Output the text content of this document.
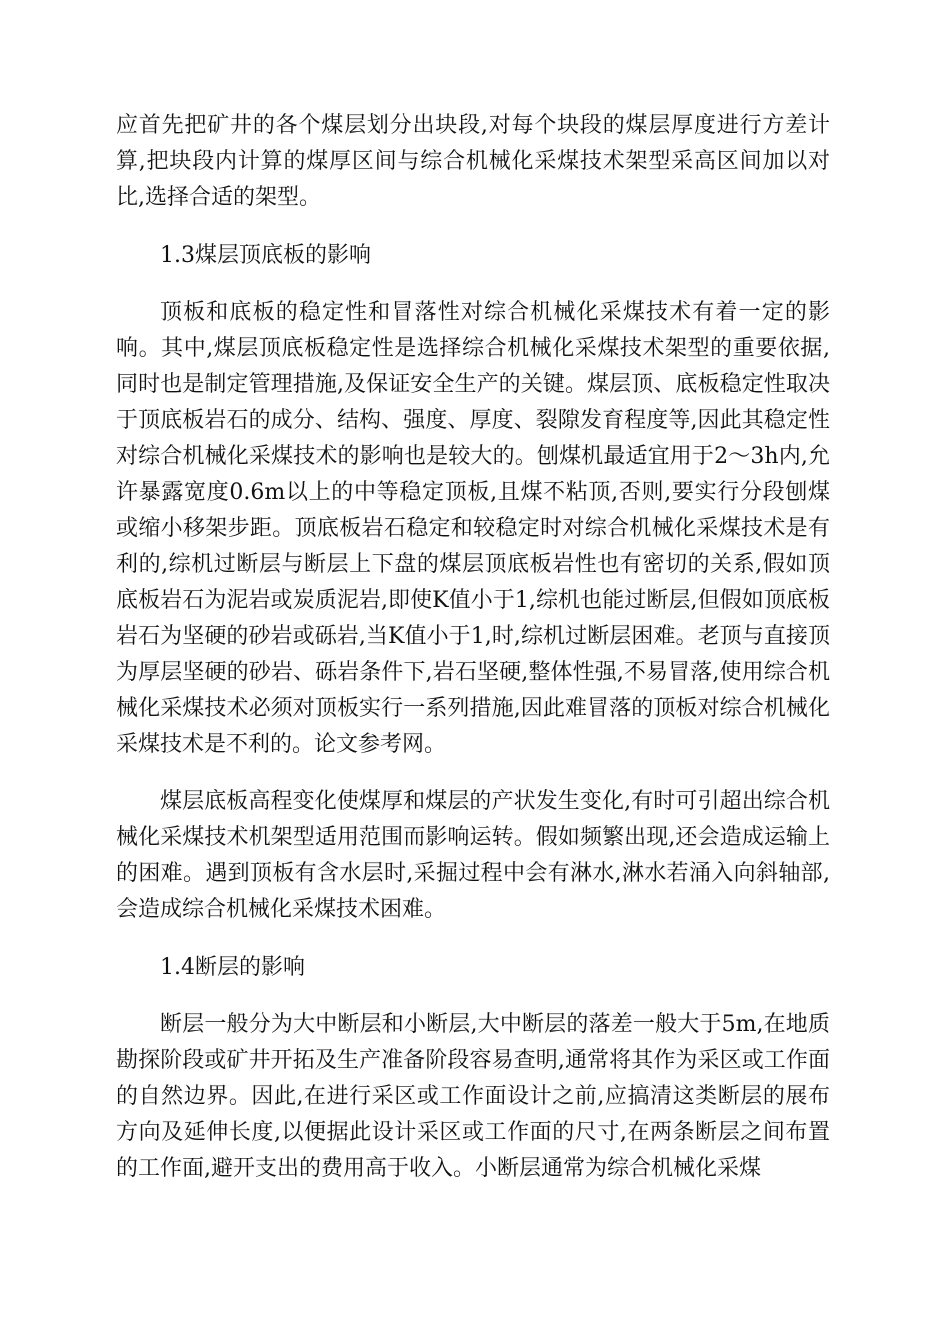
应首先把矿井的各个煤层划分出块段,对每个块段的煤层厚度进行方差计算,把块段内计算的煤厚区间与综合机械化采煤技术架型采高区间加以对比,选择合适的架型。

1.3煤层顶底板的影响

顶板和底板的稳定性和冒落性对综合机械化采煤技术有着一定的影响。其中,煤层顶底板稳定性是选择综合机械化采煤技术架型的重要依据,同时也是制定管理措施,及保证安全生产的关键。煤层顶、底板稳定性取决于顶底板岩石的成分、结构、强度、厚度、裂隙发育程度等,因此其稳定性对综合机械化采煤技术的影响也是较大的。刨煤机最适宜用于2～3h内,允许暴露宽度0.6m以上的中等稳定顶板,且煤不粘顶,否则,要实行分段刨煤或缩小移架步距。顶底板岩石稳定和较稳定时对综合机械化采煤技术是有利的,综机过断层与断层上下盘的煤层顶底板岩性也有密切的关系,假如顶底板岩石为泥岩或炭质泥岩,即使K值小于1,综机也能过断层,但假如顶底板岩石为坚硬的砂岩或砾岩,当K值小于1,时,综机过断层困难。老顶与直接顶为厚层坚硬的砂岩、砾岩条件下,岩石坚硬,整体性强,不易冒落,使用综合机械化采煤技术必须对顶板实行一系列措施,因此难冒落的顶板对综合机械化采煤技术是不利的。论文参考网。

煤层底板高程变化使煤厚和煤层的产状发生变化,有时可引超出综合机械化采煤技术机架型适用范围而影响运转。假如频繁出现,还会造成运输上的困难。遇到顶板有含水层时,采掘过程中会有淋水,淋水若涌入向斜轴部,会造成综合机械化采煤技术困难。

1.4断层的影响

断层一般分为大中断层和小断层,大中断层的落差一般大于5m,在地质勘探阶段或矿井开拓及生产准备阶段容易查明,通常将其作为采区或工作面的自然边界。因此,在进行采区或工作面设计之前,应搞清这类断层的展布方向及延伸长度,以便据此设计采区或工作面的尺寸,在两条断层之间布置的工作面,避开支出的费用高于收入。小断层通常为综合机械化采煤
